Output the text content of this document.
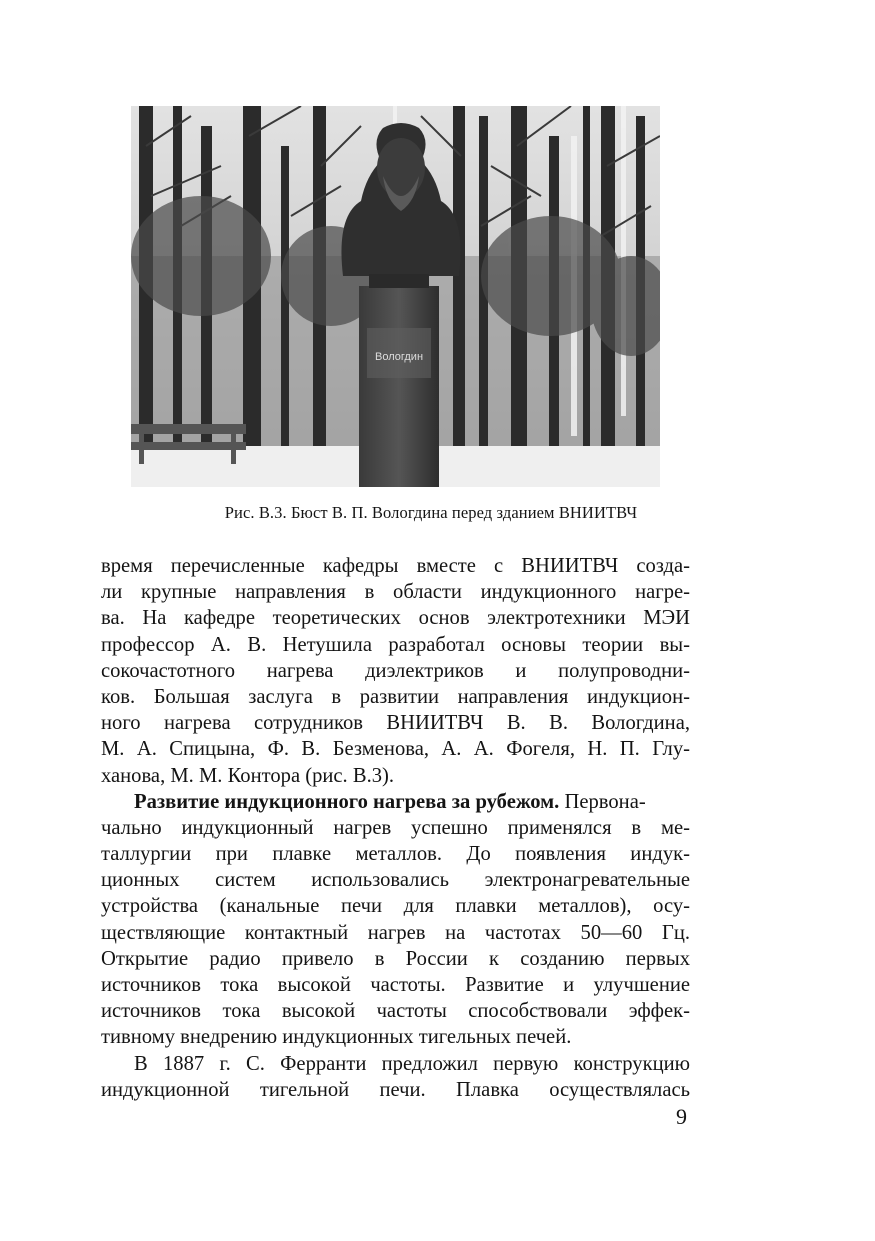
Вологдин
Рис. В.3. Бюст В. П. Вологдина перед зданием ВНИИТВЧ
время перечисленные кафедры вместе с ВНИИТВЧ созда-
ли крупные направления в области индукционного нагре-
ва. На кафедре теоретических основ электротехники МЭИ
профессор А. В. Нетушила разработал основы теории вы-
сокочастотного нагрева диэлектриков и полупроводни-
ков. Большая заслуга в развитии направления индукцион-
ного нагрева сотрудников ВНИИТВЧ В. В. Вологдина,
М. А. Спицына, Ф. В. Безменова, А. А. Фогеля, Н. П. Глу-
ханова, М. М. Контора (рис. В.3).
Развитие индукционного нагрева за рубежом. Первона-
чально индукционный нагрев успешно применялся в ме-
таллургии при плавке металлов. До появления индук-
ционных систем использовались электронагревательные
устройства (канальные печи для плавки металлов), осу-
ществляющие контактный нагрев на частотах 50—60 Гц.
Открытие радио привело в России к созданию первых
источников тока высокой частоты. Развитие и улучшение
источников тока высокой частоты способствовали эффек-
тивному внедрению индукционных тигельных печей.
В 1887 г. С. Ферранти предложил первую конструкцию
индукционной тигельной печи. Плавка осуществлялась
9
